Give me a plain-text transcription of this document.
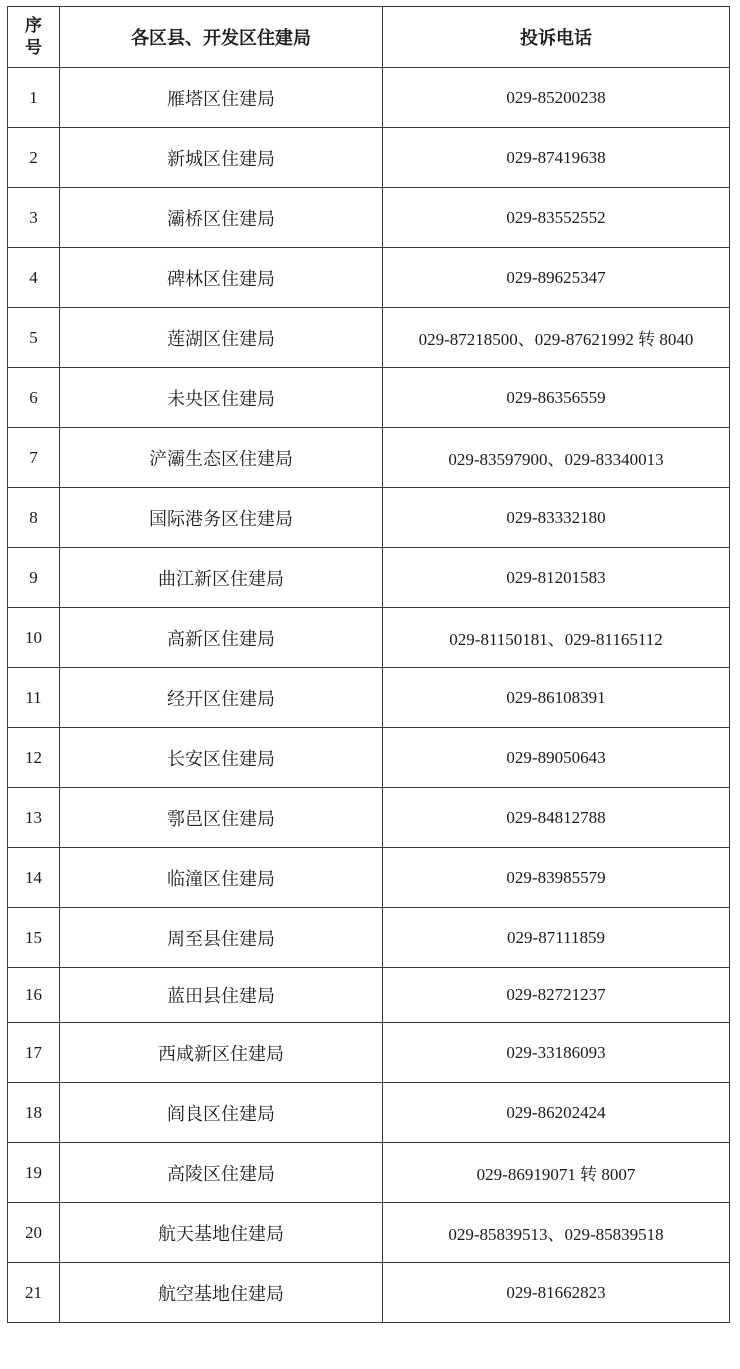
序
号	各区县、开发区住建局	投诉电话
1	雁塔区住建局	029-85200238
2	新城区住建局	029-87419638
3	灞桥区住建局	029-83552552
4	碑林区住建局	029-89625347
5	莲湖区住建局	029-87218500、029-87621992 转 8040
6	未央区住建局	029-86356559
7	浐灞生态区住建局	029-83597900、029-83340013
8	国际港务区住建局	029-83332180
9	曲江新区住建局	029-81201583
10	高新区住建局	029-81150181、029-81165112
11	经开区住建局	029-86108391
12	长安区住建局	029-89050643
13	鄠邑区住建局	029-84812788
14	临潼区住建局	029-83985579
15	周至县住建局	029-87111859
16	蓝田县住建局	029-82721237
17	西咸新区住建局	029-33186093
18	阎良区住建局	029-86202424
19	高陵区住建局	029-86919071 转 8007
20	航天基地住建局	029-85839513、029-85839518
21	航空基地住建局	029-81662823
